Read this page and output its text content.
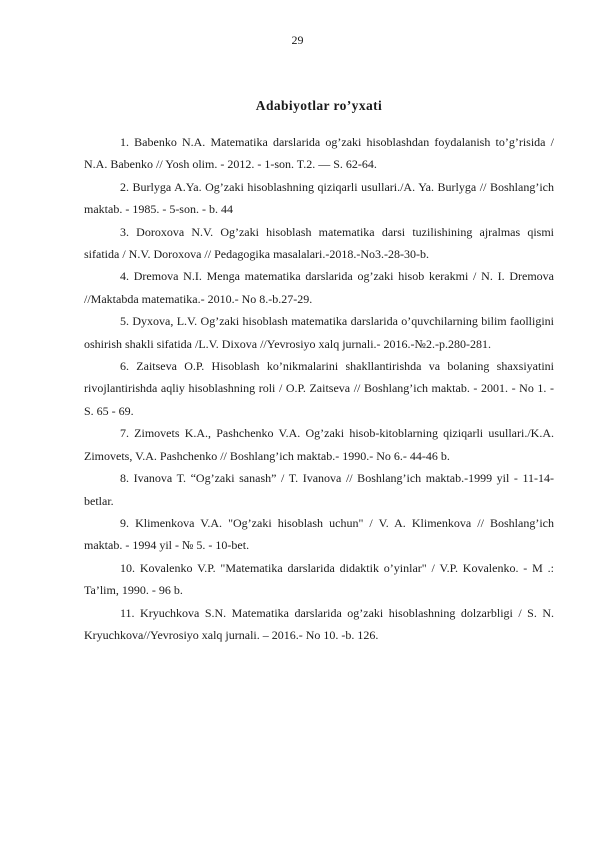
29
Adabiyotlar ro’yxati
1. Babenko N.A. Matematika darslarida og’zaki hisoblashdan foydalanish to’g’risida / N.A. Babenko // Yosh olim. - 2012. - 1-son. T.2. — S. 62-64.
2. Burlyga A.Ya. Og’zaki hisoblashning qiziqarli usullari./A. Ya. Burlyga // Boshlang’ich maktab. - 1985. - 5-son. - b. 44
3. Doroxova N.V. Og’zaki hisoblash matematika darsi tuzilishining ajralmas qismi sifatida / N.V. Doroxova // Pedagogika masalalari.-2018.-No3.-28-30-b.
4. Dremova N.I. Menga matematika darslarida og’zaki hisob kerakmi / N. I. Dremova //Maktabda matematika.- 2010.- No 8.-b.27-29.
5. Dyxova, L.V. Og’zaki hisoblash matematika darslarida o’quvchilarning bilim faolligini oshirish shakli sifatida /L.V. Dixova //Yevrosiyo xalq jurnali.- 2016.-№2.-p.280-281.
6. Zaitseva O.P. Hisoblash ko’nikmalarini shakllantirishda va bolaning shaxsiyatini rivojlantirishda aqliy hisoblashning roli / O.P. Zaitseva // Boshlang’ich maktab. - 2001. - No 1. - S. 65 - 69.
7. Zimovets K.A., Pashchenko V.A. Og’zaki hisob-kitoblarning qiziqarli usullari./K.A. Zimovets, V.A. Pashchenko // Boshlang’ich maktab.- 1990.- No 6.- 44-46 b.
8. Ivanova T. “Og’zaki sanash” / T. Ivanova // Boshlang’ich maktab.-1999 yil - 11-14-betlar.
9. Klimenkova V.A. "Og’zaki hisoblash uchun" / V. A. Klimenkova // Boshlang’ich maktab. - 1994 yil - № 5. - 10-bet.
10. Kovalenko V.P. "Matematika darslarida didaktik o’yinlar" / V.P. Kovalenko. - M .: Ta’lim, 1990. - 96 b.
11. Kryuchkova S.N. Matematika darslarida og’zaki hisoblashning dolzarbligi / S. N. Kryuchkova//Yevrosiyo xalq jurnali. – 2016.- No 10. -b. 126.
